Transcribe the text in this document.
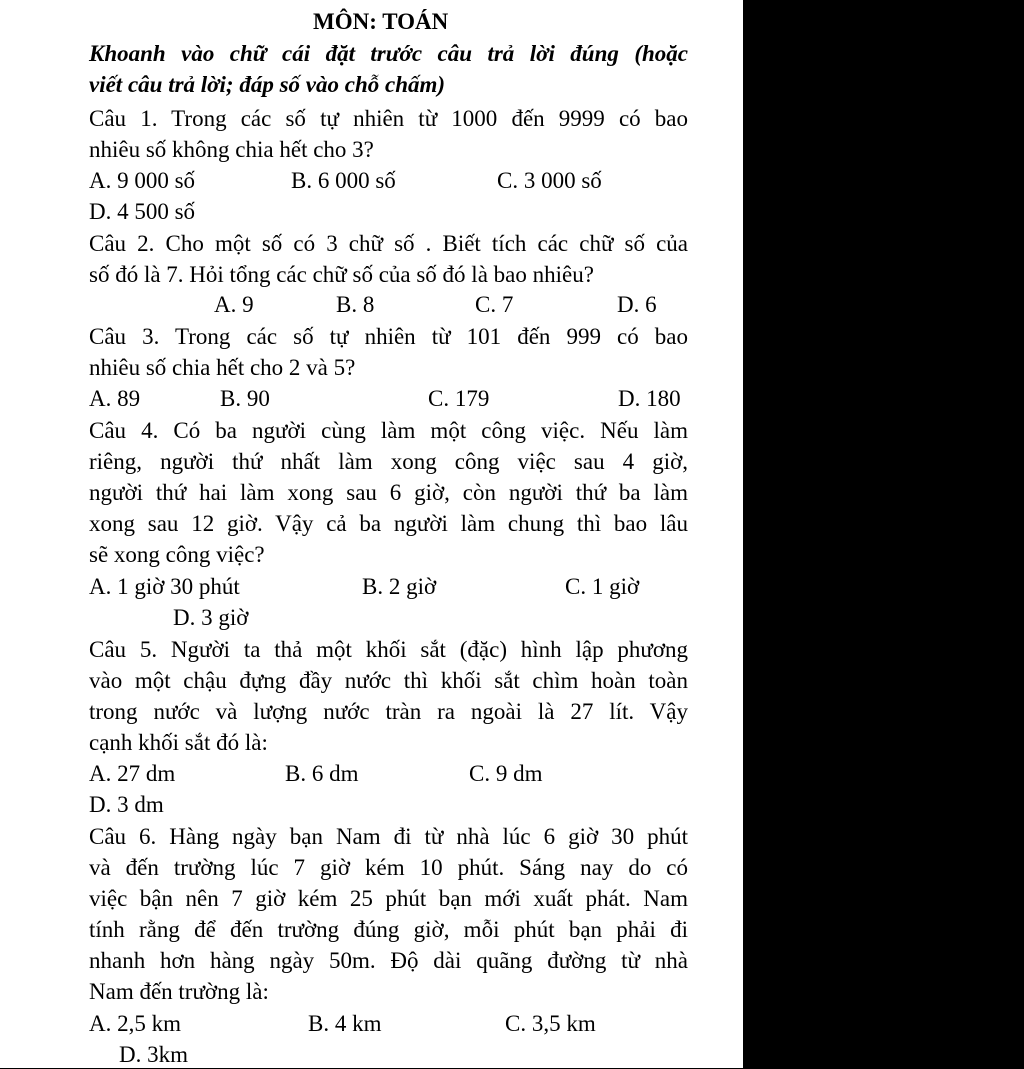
MÔN: TOÁN
Khoanh vào chữ cái đặt trước câu trả lời đúng (hoặc
viết câu trả lời; đáp số vào chỗ chấm)
Câu 1. Trong các số tự nhiên từ 1000 đến 9999 có bao
nhiêu số không chia hết cho 3?
A. 9 000 số	B. 6 000 số	C. 3 000 số
D. 4 500 số
Câu 2. Cho một số có 3 chữ số . Biết tích các chữ số của
số đó là 7. Hỏi tổng các chữ số của số đó là bao nhiêu?
A. 9	B. 8	C. 7	D. 6
Câu 3. Trong các số tự nhiên từ 101 đến 999 có bao
nhiêu số chia hết cho 2 và 5?
A. 89	B. 90	C. 179	D. 180
Câu 4. Có ba người cùng làm một công việc. Nếu làm
riêng, người thứ nhất làm xong công việc sau 4 giờ,
người thứ hai làm xong sau 6 giờ, còn người thứ ba làm
xong sau 12 giờ. Vậy cả ba người làm chung thì bao lâu
sẽ xong công việc?
A. 1 giờ 30 phút	B. 2 giờ	C. 1 giờ
D. 3 giờ
Câu 5. Người ta thả một khối sắt (đặc) hình lập phương
vào một chậu đựng đầy nước thì khối sắt chìm hoàn toàn
trong nước và lượng nước tràn ra ngoài là 27 lít. Vậy
cạnh khối sắt đó là:
A. 27 dm	B. 6 dm	C. 9 dm
D. 3 dm
Câu 6. Hàng ngày bạn Nam đi từ nhà lúc 6 giờ 30 phút
và đến trường lúc 7 giờ kém 10 phút. Sáng nay do có
việc bận nên 7 giờ kém 25 phút bạn mới xuất phát. Nam
tính rằng để đến trường đúng giờ, mỗi phút bạn phải đi
nhanh hơn hàng ngày 50m. Độ dài quãng đường từ nhà
Nam đến trường là:
A. 2,5 km	B. 4 km	C. 3,5 km
D. 3km
